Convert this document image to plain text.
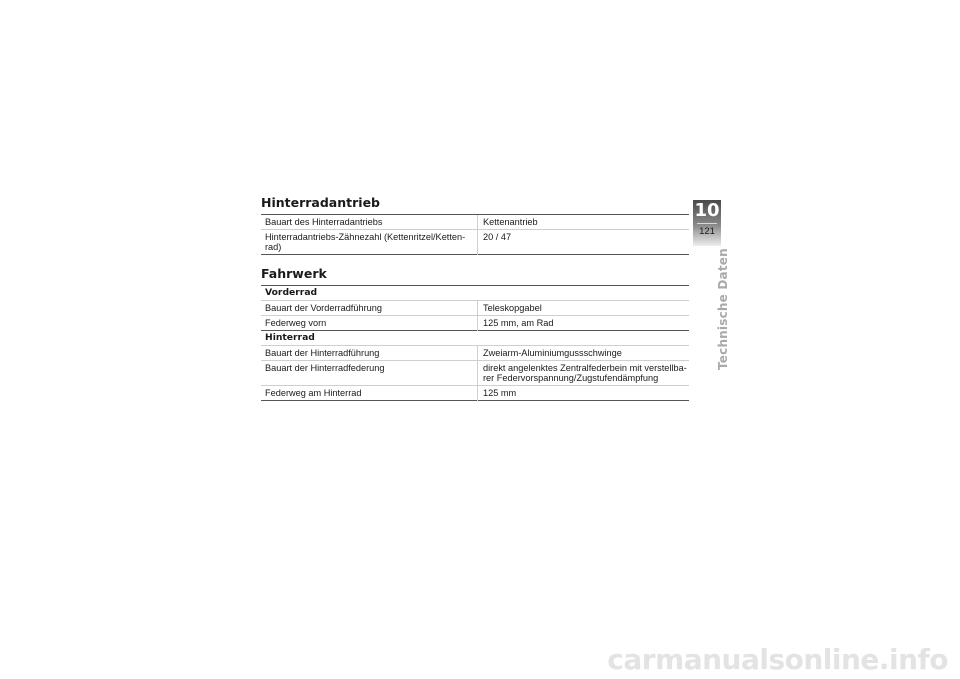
Hinterradantrieb
Bauart des Hinterradantriebs	Kettenantrieb
Hinterradantriebs-Zähnezahl (Kettenritzel/Ketten-
rad)	20 / 47
Fahrwerk
Vorderrad	
Bauart der Vorderradführung	Teleskopgabel
Federweg vorn	125 mm, am Rad
Hinterrad	
Bauart der Hinterradführung	Zweiarm-Aluminiumgussschwinge
Bauart der Hinterradfederung	direkt angelenktes Zentralfederbein mit verstellba-
rer Federvorspannung/Zugstufendämpfung
Federweg am Hinterrad	125 mm
10
121
Technische Daten
carmanualsonline.info
